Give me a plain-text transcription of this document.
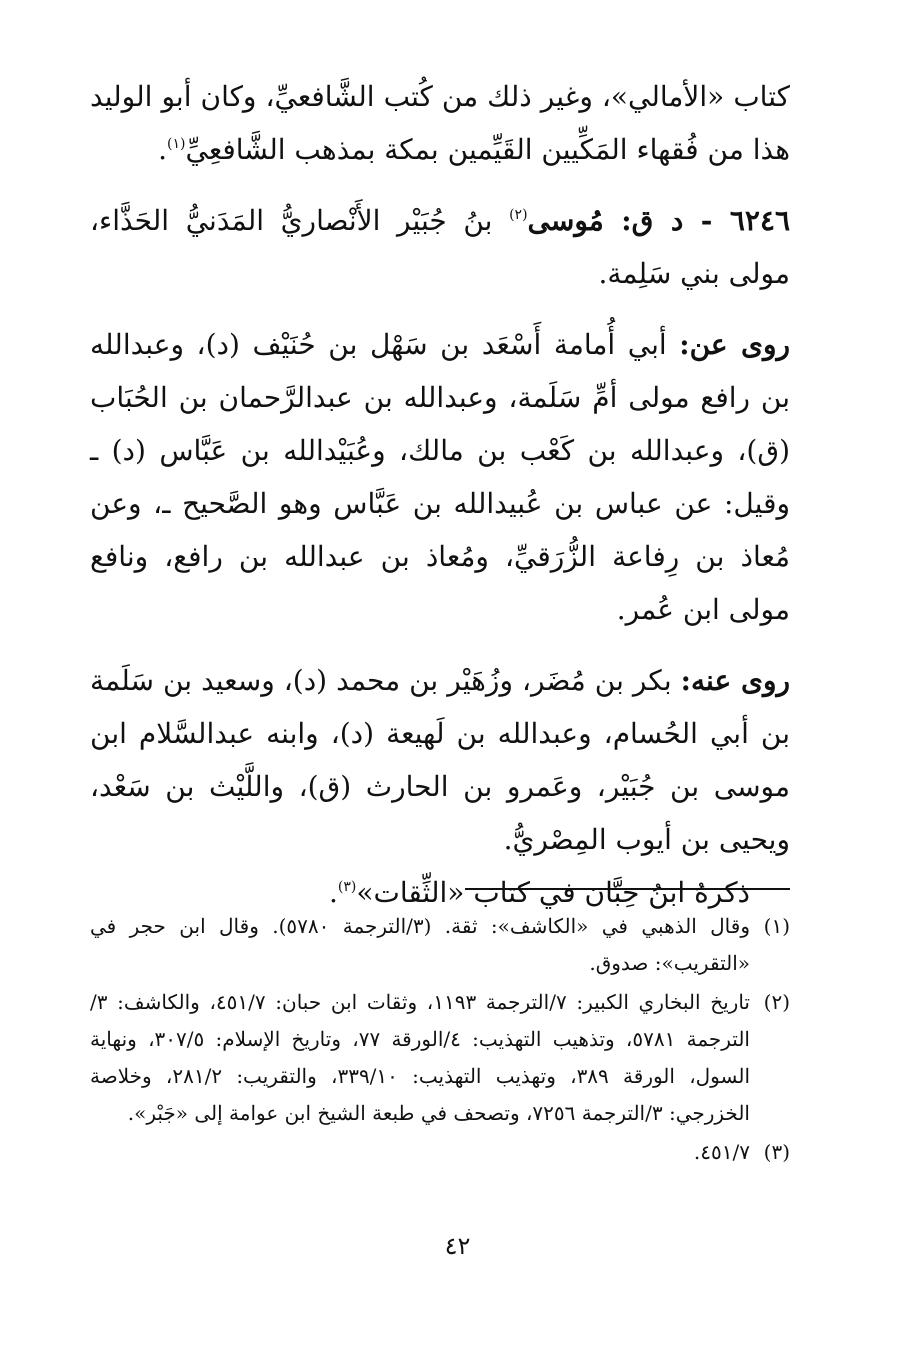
كتاب «الأمالي»، وغير ذلك من كُتب الشَّافعيِّ، وكان أبو الوليد هذا من فُقهاء المَكِّيين القَيِّمين بمكة بمذهب الشَّافعِيِّ$^{(١)}$.

٦٢٤٦ - د ق: مُوسى$^{(٢)}$ بنُ جُبَيْر الأَنْصاريُّ المَدَنيُّ الحَذَّاء، مولى بني سَلِمة.

روى عن: أبي أُمامة أَسْعَد بن سَهْل بن حُنَيْف (د)، وعبدالله بن رافع مولى أمِّ سَلَمة، وعبدالله بن عبدالرَّحمان بن الحُبَاب (ق)، وعبدالله بن كَعْب بن مالك، وعُبَيْدالله بن عَبَّاس (د) ـ وقيل: عن عباس بن عُبيدالله بن عَبَّاس وهو الصَّحيح ـ، وعن مُعاذ بن رِفاعة الزُّرَقيِّ، ومُعاذ بن عبدالله بن رافع، ونافع مولى ابن عُمر.

روى عنه: بكر بن مُضَر، وزُهَيْر بن محمد (د)، وسعيد بن سَلَمة بن أبي الحُسام، وعبدالله بن لَهيعة (د)، وابنه عبدالسَّلام ابن موسى بن جُبَيْر، وعَمرو بن الحارث (ق)، واللَّيْث بن سَعْد، ويحيى بن أيوب المِصْريُّ.

ذكرهُ ابنُ حِبَّان في كتاب «الثِّقات»$^{(٣)}$.

(١)
وقال الذهبي في «الكاشف»: ثقة. (٣/الترجمة ٥٧٨٠). وقال ابن حجر في «التقريب»: صدوق.
(٢)
تاريخ البخاري الكبير: ٧/الترجمة ١١٩٣، وثقات ابن حبان: ٤٥١/٧، والكاشف: ٣/الترجمة ٥٧٨١، وتذهيب التهذيب: ٤/الورقة ٧٧، وتاريخ الإسلام: ٣٠٧/٥، ونهاية السول، الورقة ٣٨٩، وتهذيب التهذيب: ٣٣٩/١٠، والتقريب: ٢٨١/٢، وخلاصة الخزرجي: ٣/الترجمة ٧٢٥٦، وتصحف في طبعة الشيخ ابن عوامة إلى «جَبْر».
(٣)
٤٥١/٧.
٤٢
